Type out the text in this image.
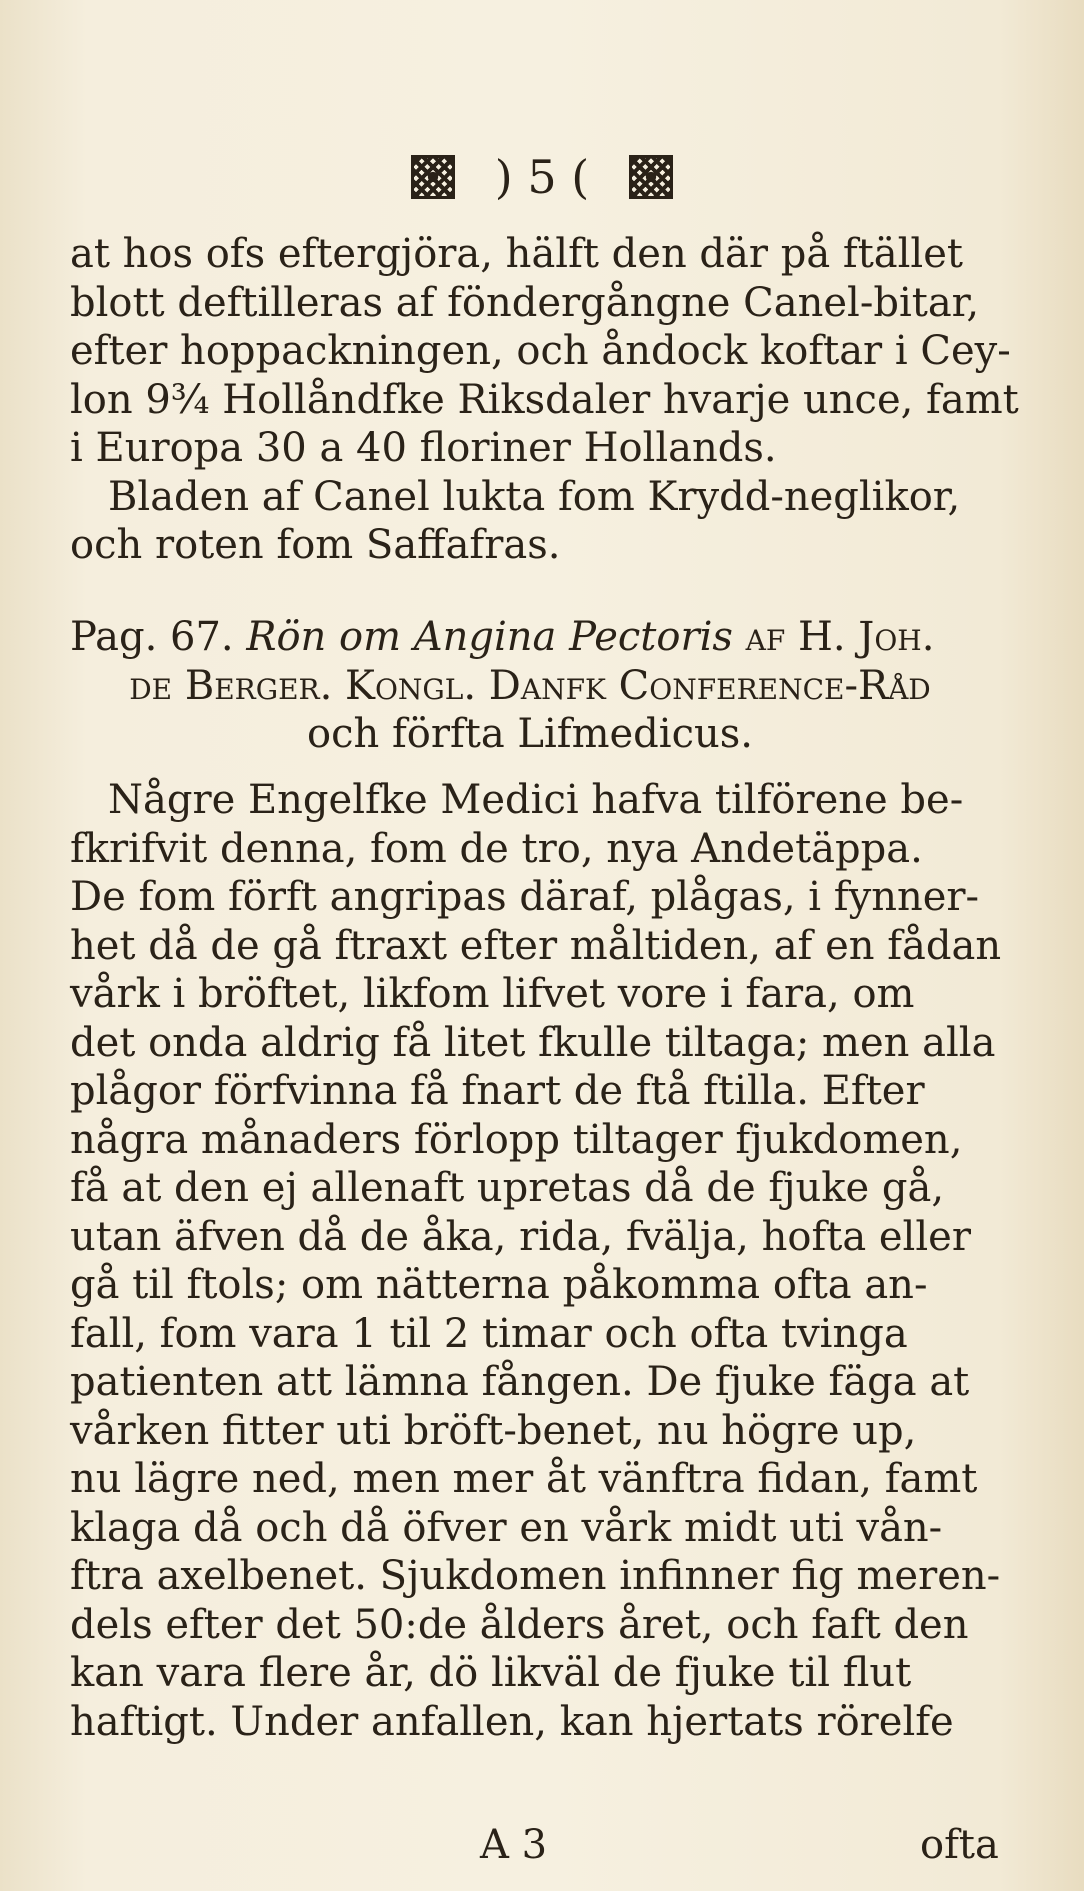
) 5 (
at hos ofs eftergjöra, hälft den där på ftället
blott deftilleras af föndergångne Canel-bitar,
efter hoppackningen, och åndock koftar i Cey-
lon 9¾ Hollåndfke Riksdaler hvarje unce, famt
i Europa 30 a 40 floriner Hollands.
Bladen af Canel lukta fom Krydd-neglikor,
och roten fom Saffafras.
Pag. 67. Rön om Angina Pectoris af H. Joh.
de Berger. Kongl. Danfk Conference-Råd
och förfta Lifmedicus.
Någre Engelfke Medici hafva tilförene be-
fkrifvit denna, fom de tro, nya Andetäppa.
De fom förft angripas däraf, plågas, i fynner-
het då de gå ftraxt efter måltiden, af en fådan
vårk i bröftet, likfom lifvet vore i fara, om
det onda aldrig få litet fkulle tiltaga; men alla
plågor förfvinna få fnart de ftå ftilla. Efter
några månaders förlopp tiltager fjukdomen,
få at den ej allenaft upretas då de fjuke gå,
utan äfven då de åka, rida, fvälja, hofta eller
gå til ftols; om nätterna påkomma ofta an-
fall, fom vara 1 til 2 timar och ofta tvinga
patienten att lämna fången. De fjuke fäga at
vårken fitter uti bröft-benet, nu högre up,
nu lägre ned, men mer åt vänftra fidan, famt
klaga då och då öfver en vårk midt uti vån-
ftra axelbenet. Sjukdomen infinner fig meren-
dels efter det 50:de ålders året, och faft den
kan vara flere år, dö likväl de fjuke til flut
haftigt. Under anfallen, kan hjertats rörelfe
A 3	ofta
